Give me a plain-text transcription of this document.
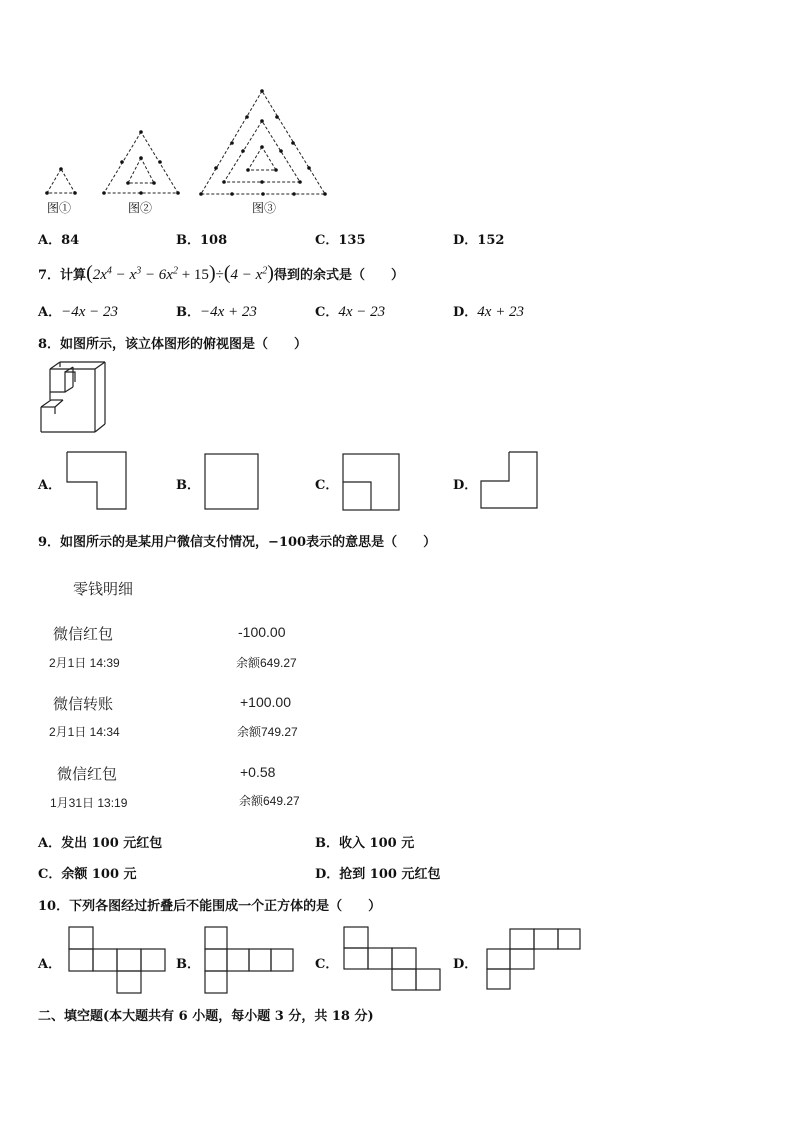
图①	图②	图③
A．84	B．108	C．135	D．152
7．计算$(2x^4 - x^3 - 6x^2 + 15)\div(4 - x^2)$得到的余式是（　　）
A．−4x − 23	B．−4x + 23	C．4x − 23	D．4x + 23
8．如图所示，该立体图形的俯视图是（　　）
A．	B．	C．	D．
9．如图所示的是某用户微信支付情况，−100表示的意思是（　　）
零钱明细
微信红包	-100.00
2月1日 14:39	余额649.27
微信转账	+100.00
2月1日 14:34	余额749.27
微信红包	+0.58
1月31日 13:19	余额649.27
A．发出 100 元红包	B．收入 100 元
C．余额 100 元	D．抢到 100 元红包
10．下列各图经过折叠后不能围成一个正方体的是（　　）
A．	B．	C．	D．
二、填空题(本大题共有 6 小题，每小题 3 分，共 18 分)
